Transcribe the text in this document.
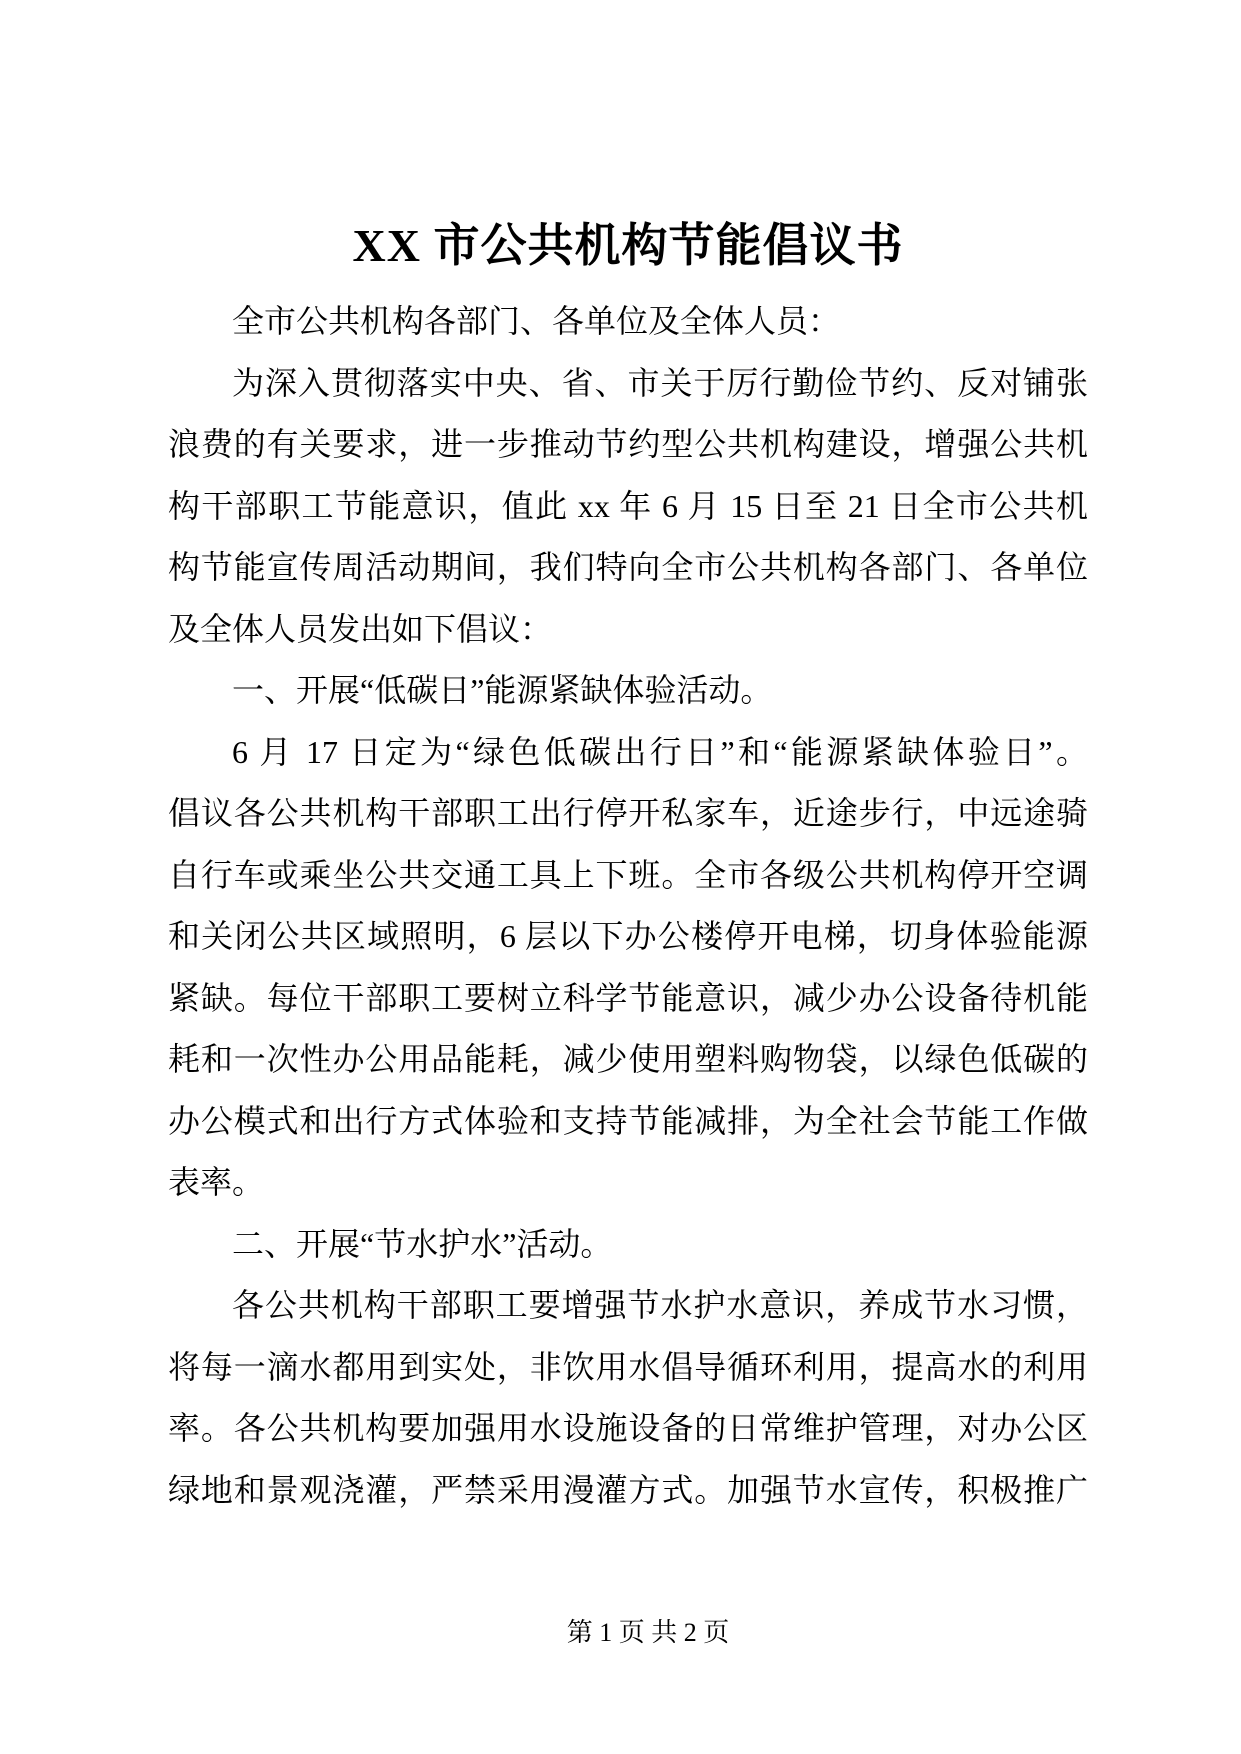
XX 市公共机构节能倡议书
全市公共机构各部门、各单位及全体人员：
为深入贯彻落实中央、省、市关于厉行勤俭节约、反对铺张
浪费的有关要求，进一步推动节约型公共机构建设，增强公共机
构干部职工节能意识，值此 xx 年 6 月 15 日至 21 日全市公共机
构节能宣传周活动期间，我们特向全市公共机构各部门、各单位
及全体人员发出如下倡议：
一、开展“低碳日”能源紧缺体验活动。
6 月 17 日定为“绿色低碳出行日”和“能源紧缺体验日”。
倡议各公共机构干部职工出行停开私家车，近途步行，中远途骑
自行车或乘坐公共交通工具上下班。全市各级公共机构停开空调
和关闭公共区域照明，6 层以下办公楼停开电梯，切身体验能源
紧缺。每位干部职工要树立科学节能意识，减少办公设备待机能
耗和一次性办公用品能耗，减少使用塑料购物袋，以绿色低碳的
办公模式和出行方式体验和支持节能减排，为全社会节能工作做
表率。
二、开展“节水护水”活动。
各公共机构干部职工要增强节水护水意识，养成节水习惯，
将每一滴水都用到实处，非饮用水倡导循环利用，提高水的利用
率。各公共机构要加强用水设施设备的日常维护管理，对办公区
绿地和景观浇灌，严禁采用漫灌方式。加强节水宣传，积极推广
第 1 页 共 2 页
